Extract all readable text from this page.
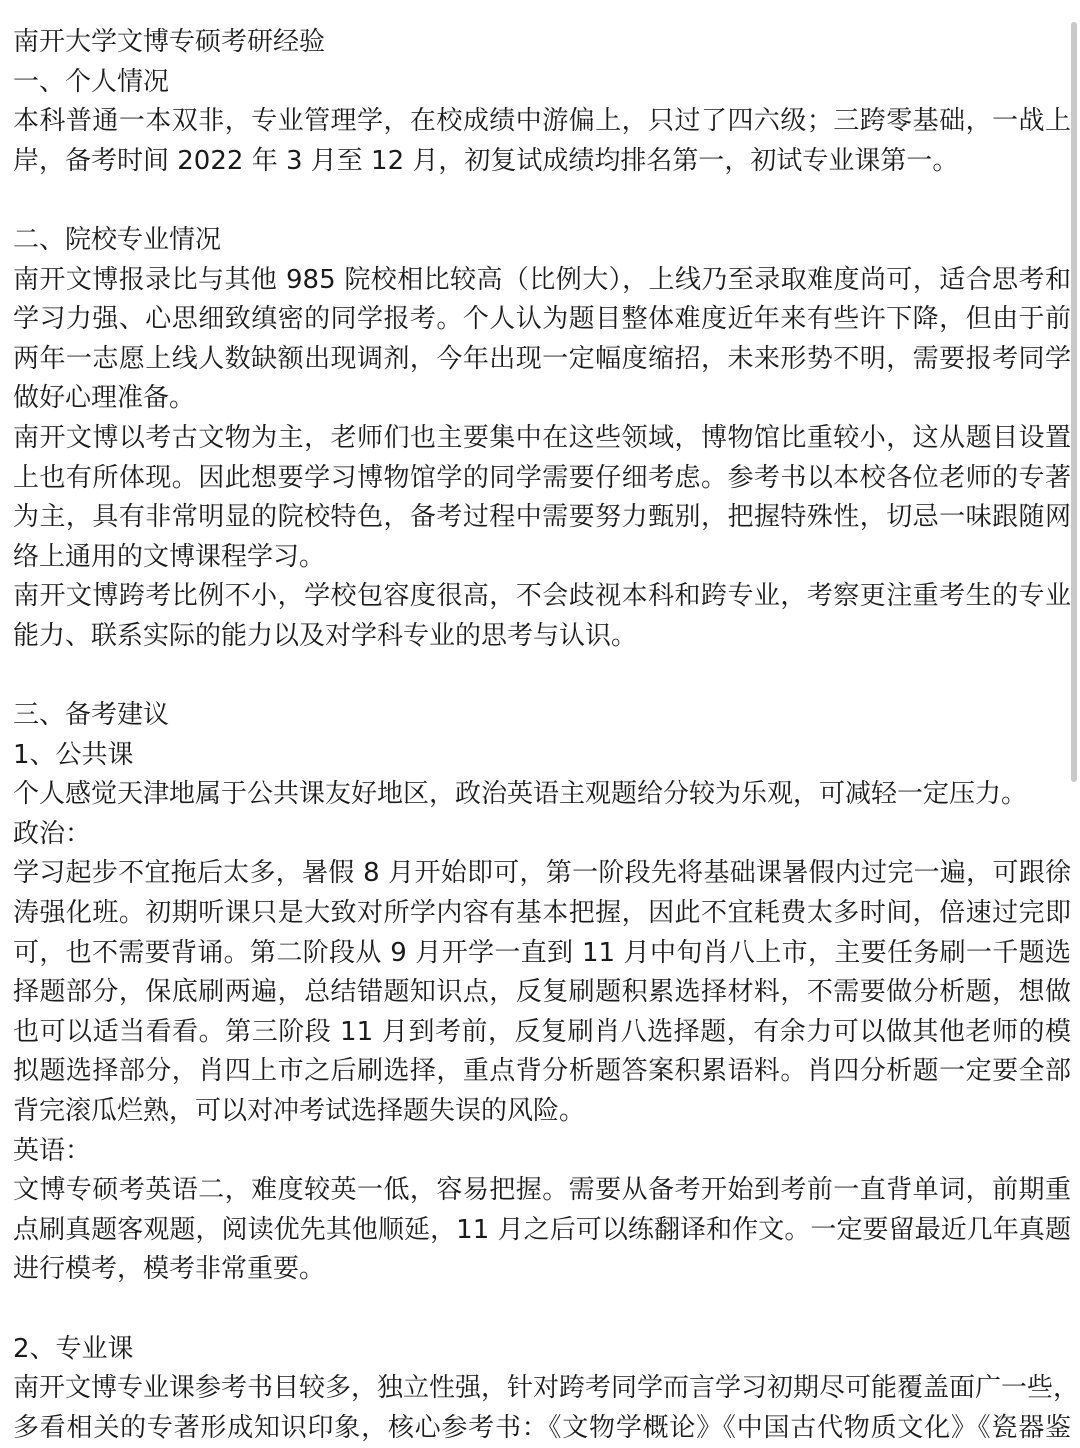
南开大学文博专硕考研经验
一、个人情况
本科普通一本双非，专业管理学，在校成绩中游偏上，只过了四六级；三跨零基础，一战上
岸，备考时间 2022 年 3 月至 12 月，初复试成绩均排名第一，初试专业课第一。
二、院校专业情况
南开文博报录比与其他 985 院校相比较高（比例大），上线乃至录取难度尚可，适合思考和
学习力强、心思细致缜密的同学报考。个人认为题目整体难度近年来有些许下降，但由于前
两年一志愿上线人数缺额出现调剂，今年出现一定幅度缩招，未来形势不明，需要报考同学
做好心理准备。
南开文博以考古文物为主，老师们也主要集中在这些领域，博物馆比重较小，这从题目设置
上也有所体现。因此想要学习博物馆学的同学需要仔细考虑。参考书以本校各位老师的专著
为主，具有非常明显的院校特色，备考过程中需要努力甄别，把握特殊性，切忌一味跟随网
络上通用的文博课程学习。
南开文博跨考比例不小，学校包容度很高，不会歧视本科和跨专业，考察更注重考生的专业
能力、联系实际的能力以及对学科专业的思考与认识。
三、备考建议
1、公共课
个人感觉天津地属于公共课友好地区，政治英语主观题给分较为乐观，可减轻一定压力。
政治：
学习起步不宜拖后太多，暑假 8 月开始即可，第一阶段先将基础课暑假内过完一遍，可跟徐
涛强化班。初期听课只是大致对所学内容有基本把握，因此不宜耗费太多时间，倍速过完即
可，也不需要背诵。第二阶段从 9 月开学一直到 11 月中旬肖八上市，主要任务刷一千题选
择题部分，保底刷两遍，总结错题知识点，反复刷题积累选择材料，不需要做分析题，想做
也可以适当看看。第三阶段 11 月到考前，反复刷肖八选择题，有余力可以做其他老师的模
拟题选择部分，肖四上市之后刷选择，重点背分析题答案积累语料。肖四分析题一定要全部
背完滚瓜烂熟，可以对冲考试选择题失误的风险。
英语：
文博专硕考英语二，难度较英一低，容易把握。需要从备考开始到考前一直背单词，前期重
点刷真题客观题，阅读优先其他顺延，11 月之后可以练翻译和作文。一定要留最近几年真题
进行模考，模考非常重要。
2、专业课
南开文博专业课参考书目较多，独立性强，针对跨考同学而言学习初期尽可能覆盖面广一些，
多看相关的专著形成知识印象，核心参考书：《文物学概论》《中国古代物质文化》《瓷器鉴
